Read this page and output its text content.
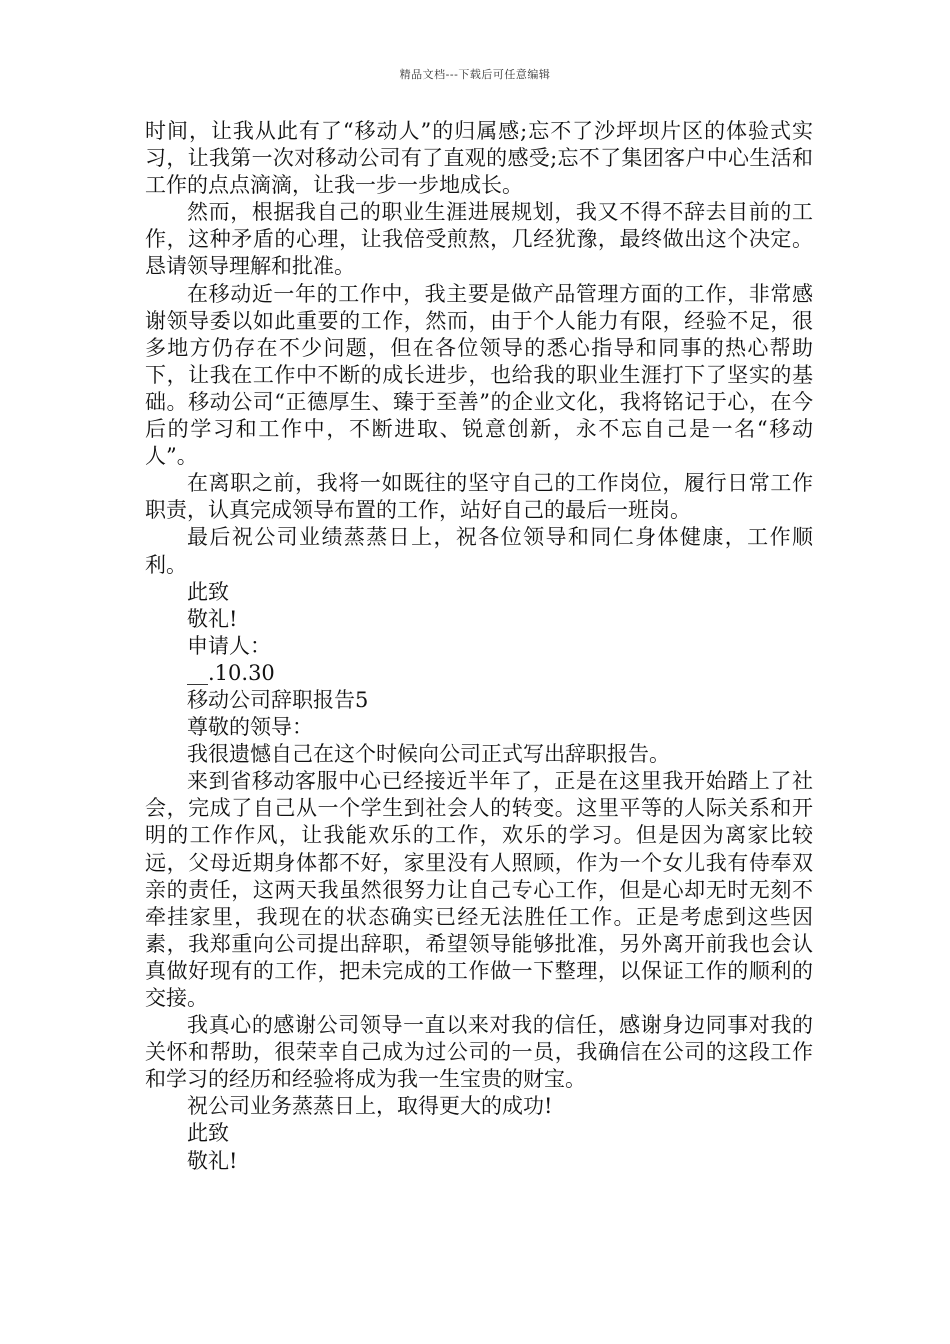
精品文档---下载后可任意编辑

时间，让我从此有了“移动人”的归属感;忘不了沙坪坝片区的体验式实习，让我第一次对移动公司有了直观的感受;忘不了集团客户中心生活和工作的点点滴滴，让我一步一步地成长。

然而，根据我自己的职业生涯进展规划，我又不得不辞去目前的工作，这种矛盾的心理，让我倍受煎熬，几经犹豫，最终做出这个决定。恳请领导理解和批准。

在移动近一年的工作中，我主要是做产品管理方面的工作，非常感谢领导委以如此重要的工作，然而，由于个人能力有限，经验不足，很多地方仍存在不少问题，但在各位领导的悉心指导和同事的热心帮助下，让我在工作中不断的成长进步，也给我的职业生涯打下了坚实的基础。移动公司“正德厚生、臻于至善”的企业文化，我将铭记于心，在今后的学习和工作中，不断进取、锐意创新，永不忘自己是一名“移动人”。

在离职之前，我将一如既往的坚守自己的工作岗位，履行日常工作职责，认真完成领导布置的工作，站好自己的最后一班岗。

最后祝公司业绩蒸蒸日上，祝各位领导和同仁身体健康，工作顺利。

此致

敬礼!

申请人：

__.10.30

移动公司辞职报告5

尊敬的领导：

我很遗憾自己在这个时候向公司正式写出辞职报告。

来到省移动客服中心已经接近半年了，正是在这里我开始踏上了社会，完成了自己从一个学生到社会人的转变。这里平等的人际关系和开明的工作作风，让我能欢乐的工作，欢乐的学习。但是因为离家比较远，父母近期身体都不好，家里没有人照顾，作为一个女儿我有侍奉双亲的责任，这两天我虽然很努力让自己专心工作，但是心却无时无刻不牵挂家里，我现在的状态确实已经无法胜任工作。正是考虑到这些因素，我郑重向公司提出辞职，希望领导能够批准，另外离开前我也会认真做好现有的工作，把未完成的工作做一下整理，以保证工作的顺利的交接。

我真心的感谢公司领导一直以来对我的信任，感谢身边同事对我的关怀和帮助，很荣幸自己成为过公司的一员，我确信在公司的这段工作和学习的经历和经验将成为我一生宝贵的财宝。

祝公司业务蒸蒸日上，取得更大的成功!

此致

敬礼!
